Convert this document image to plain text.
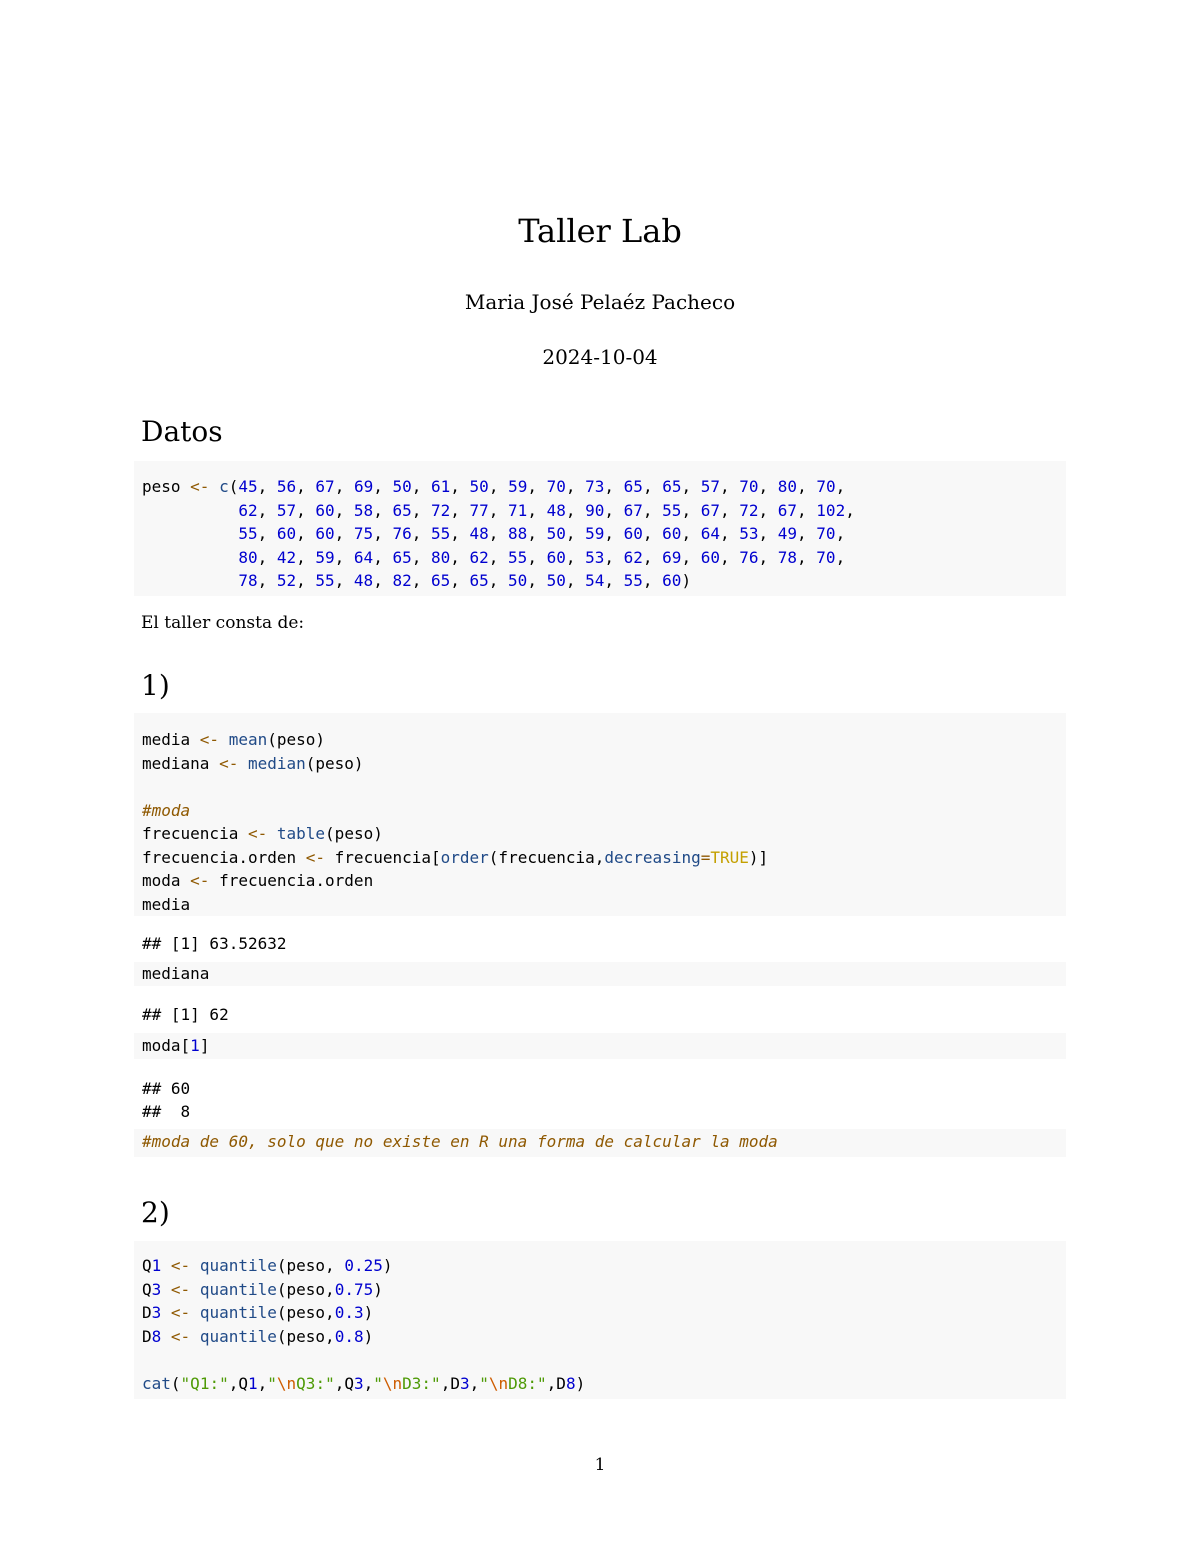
Taller Lab
Maria José Pelaéz Pacheco
2024-10-04
Datos
peso <- c(45, 56, 67, 69, 50, 61, 50, 59, 70, 73, 65, 65, 57, 70, 80, 70,
62, 57, 60, 58, 65, 72, 77, 71, 48, 90, 67, 55, 67, 72, 67, 102,
55, 60, 60, 75, 76, 55, 48, 88, 50, 59, 60, 60, 64, 53, 49, 70,
80, 42, 59, 64, 65, 80, 62, 55, 60, 53, 62, 69, 60, 76, 78, 70,
78, 52, 55, 48, 82, 65, 65, 50, 50, 54, 55, 60)
El taller consta de:
1)
media <- mean(peso)
mediana <- median(peso)

#moda
frecuencia <- table(peso)
frecuencia.orden <- frecuencia[order(frecuencia,decreasing=TRUE)]
moda <- frecuencia.orden
media
## [1] 63.52632
mediana
## [1] 62
moda[1]
## 60
##  8
#moda de 60, solo que no existe en R una forma de calcular la moda
2)
Q1 <- quantile(peso, 0.25)
Q3 <- quantile(peso,0.75)
D3 <- quantile(peso,0.3)
D8 <- quantile(peso,0.8)

cat("Q1:",Q1,"\nQ3:",Q3,"\nD3:",D3,"\nD8:",D8)
1
